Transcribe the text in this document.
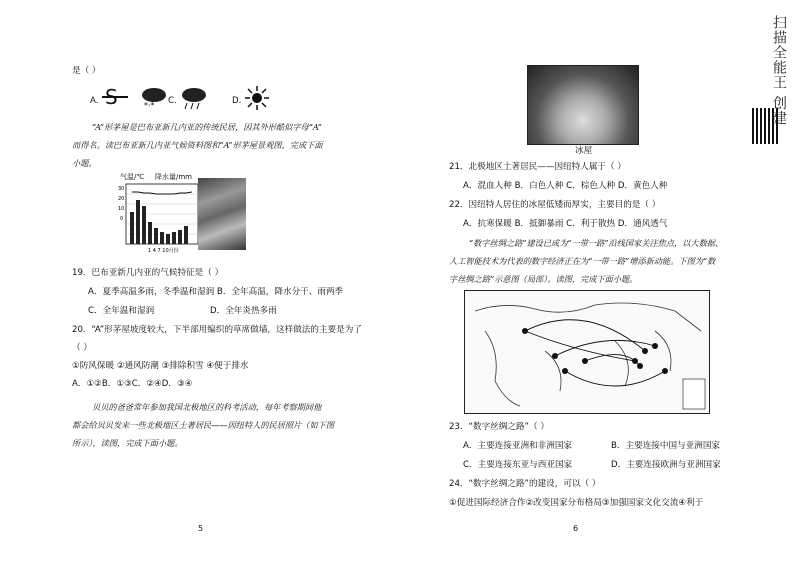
是（ ）
A. S	*·* C.	D.
“A”形茅屋是巴布亚新几内亚的传统民居，因其外形酷似字母“A”
而得名。读巴布亚新几内亚气候资料图和“A”形茅屋景观图，完成下面
小题。
气温/℃ 降水量/mm
30
20
10
0
1 4 7 10月份
19．巴布亚新几内亚的气候特征是（ ）
A．夏季高温多雨，冬季温和湿润 B．全年高温，降水分干、雨两季
C．全年温和湿润	D．全年炎热多雨
20．“A”形茅屋坡度较大，下半部用编织的草席做墙，这样做法的主要是为了
（ ）
①防风保暖 ②通风防潮 ③排除积雪 ④便于排水
A．①②B．①③C．②④D．③④
贝贝的爸爸常年参加我国北极地区的科考活动，每年考察期间他
都会给贝贝发来一些北极地区土著居民——因纽特人的民居照片（如下图
所示），读图，完成下面小题。
5
冰屋
21．北极地区土著居民——因纽特人属于（ ）
A．混血人种 B．白色人种 C．棕色人种 D．黄色人种
22．因纽特人居住的冰屋低矮而厚实，主要目的是（ ）
A．抗寒保暖 B．抵御暴雨 C．利于散热 D．通风透气
“数字丝绸之路”建设已成为“一带一路”沿线国家关注焦点，以大数据、
人工智能技术为代表的数字经济正在为“一带一路”增添新动能。下图为“数
字丝绸之路”示意图（局部）。读图，完成下面小题。
23．“数字丝绸之路”（ ）
A．主要连接亚洲和非洲国家	B．主要连接中国与亚洲国家
C．主要连接东亚与西亚国家	D．主要连接欧洲与亚洲国家
24．“数字丝绸之路”的建设，可以（ ）
①促进国际经济合作②改变国家分布格局③加强国家文化交流④利于
6
扫描全能王 创建
